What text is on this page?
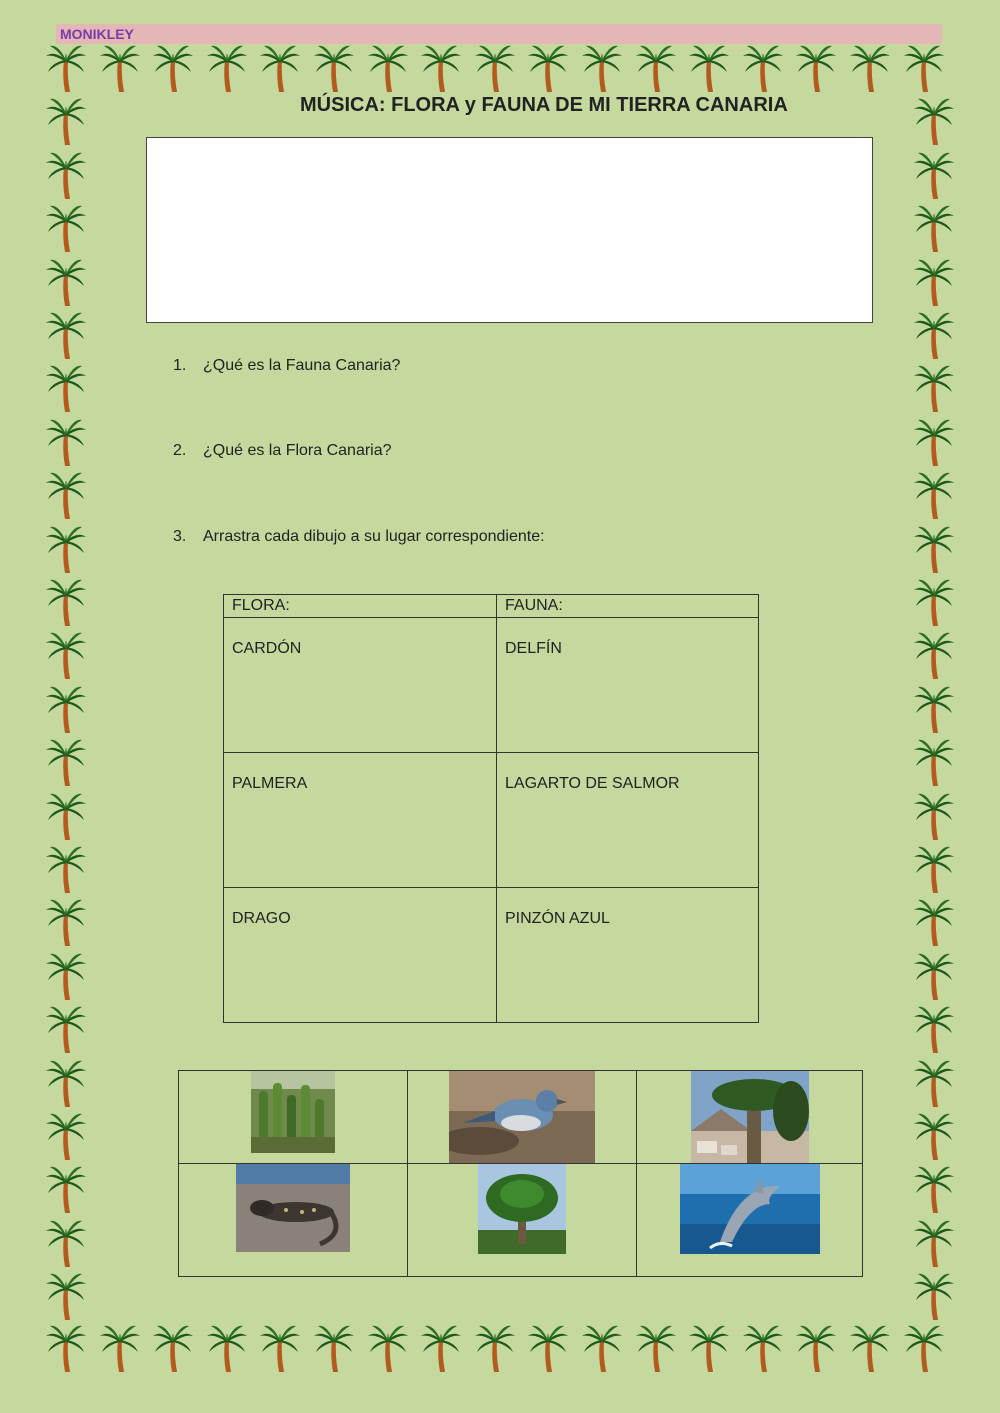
MONIKLEY
MÚSICA: FLORA y FAUNA DE MI TIERRA CANARIA
1. ¿Qué es la Fauna Canaria?
2. ¿Qué es la Flora Canaria?
3. Arrastra cada dibujo a su lugar correspondiente:
FLORA:	FAUNA:
CARDÓN	DELFÍN
PALMERA	LAGARTO DE SALMOR
DRAGO	PINZÓN AZUL
